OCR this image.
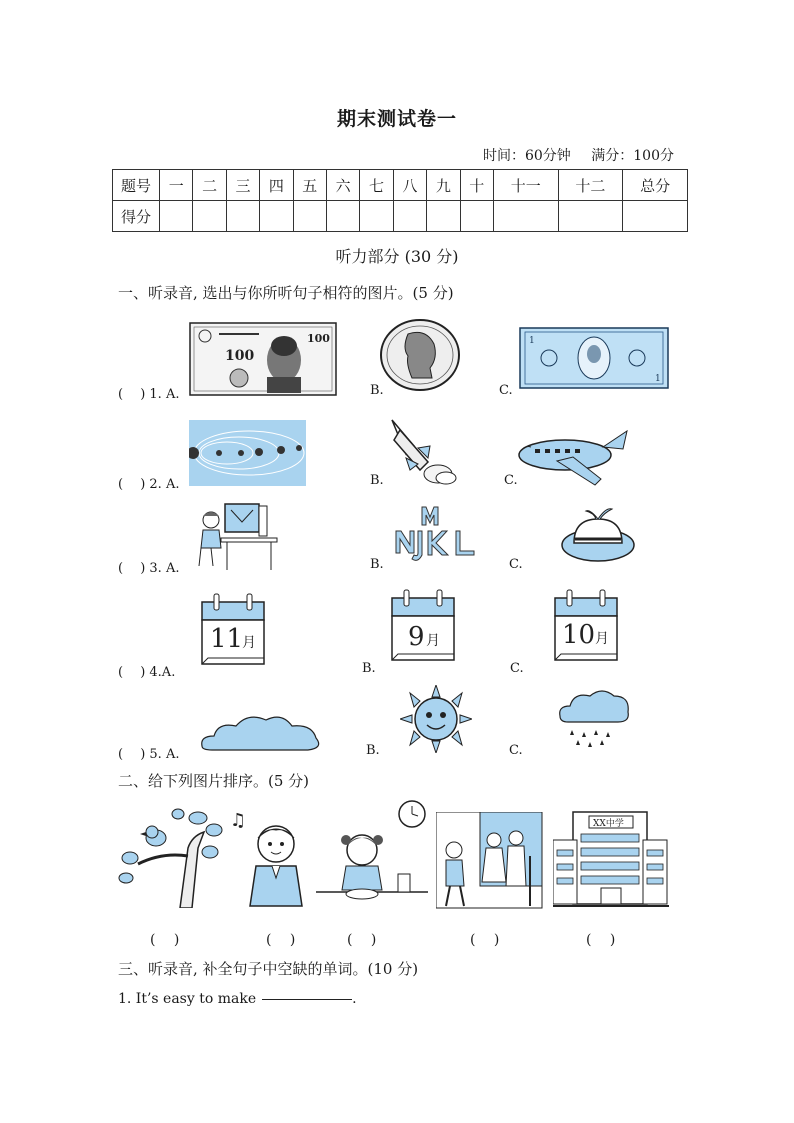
期末测试卷一
时间：60分钟 满分：100分
题号	一	二	三	四	五	六	七	八	九	十	十一	十二	总分
得分													
听力部分 (30 分)
一、听录音, 选出与你所听句子相符的图片。(5 分)
(　 ) 1. A.
100
100
B.	C.
1
1
(　 ) 2. A.	B.	C.
(　 ) 3. A.	B.	C.
(　 ) 4.A.	B.	C.
11
月	9 月	10 月
(　 ) 5. A.	B.	C.
二、给下列图片排序。(5 分)
♫	XX中学
(　 )	(　 )	(　 )	(　 )	(　 )
三、听录音, 补全句子中空缺的单词。(10 分)
1. It’s easy to make	.
